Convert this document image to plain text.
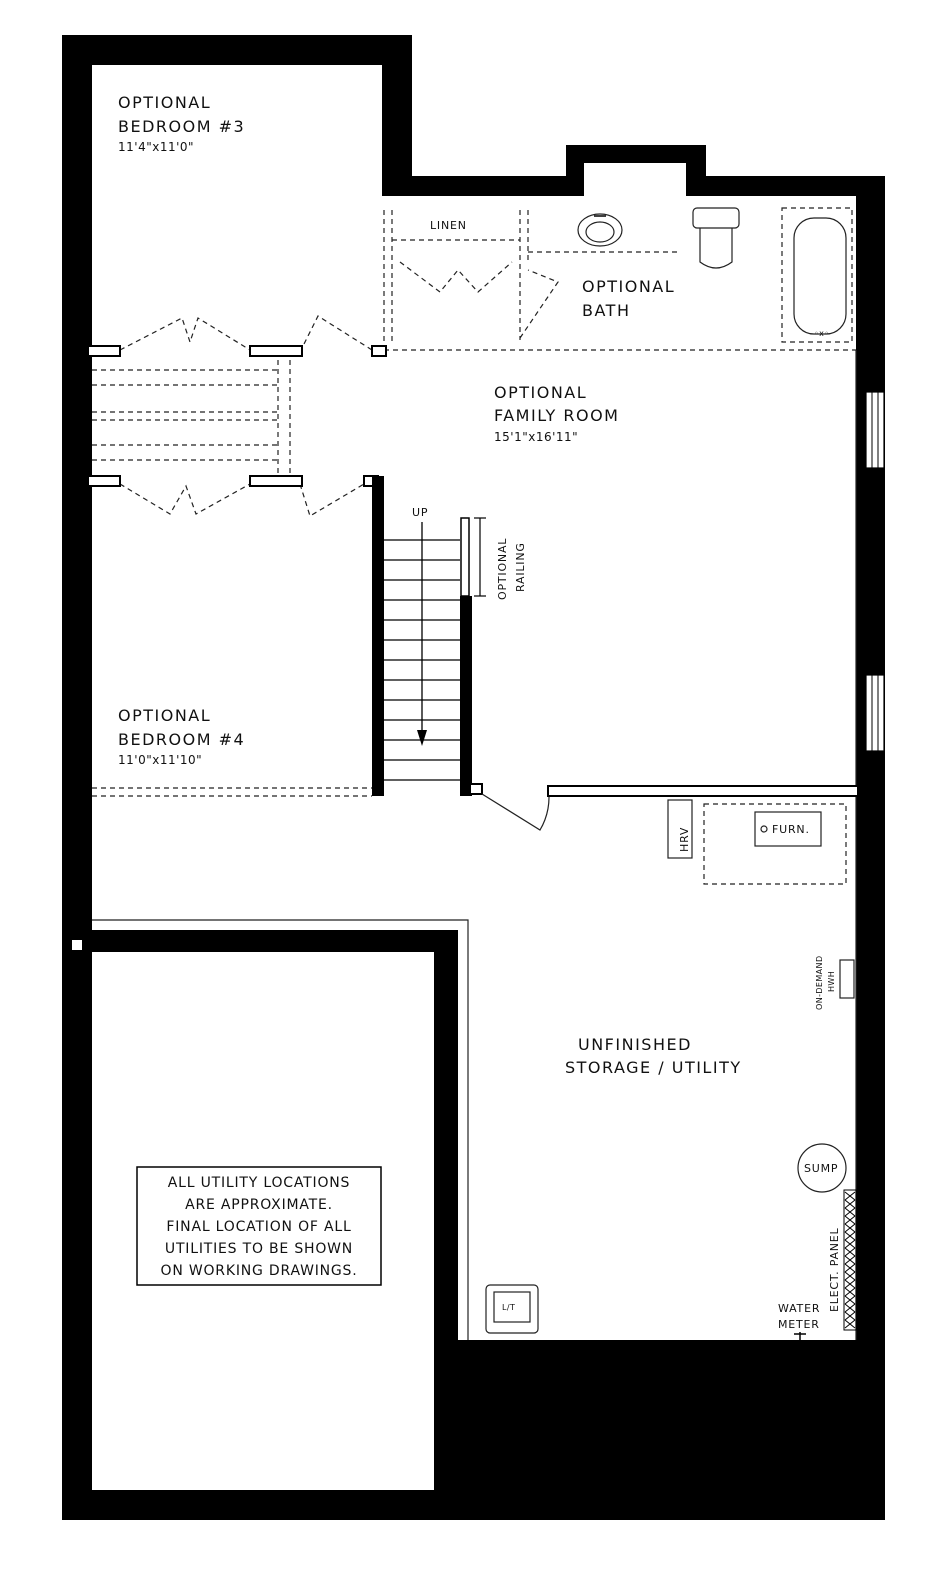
UP
OPTIONAL RAILING
◦x◦
HRV	FURN.
ON-DEMAND HWH
SUMP
ELECT. PANEL
WATER
METER
L/T
OPTIONAL
BEDROOM #3
11'4"x11'0"
LINEN
OPTIONAL
BATH
OPTIONAL
FAMILY ROOM
15'1"x16'11"
OPTIONAL
BEDROOM #4
11'0"x11'10"
UNFINISHED
STORAGE / UTILITY
ALL UTILITY LOCATIONS
ARE APPROXIMATE.
FINAL LOCATION OF ALL
UTILITIES TO BE SHOWN
ON WORKING DRAWINGS.
